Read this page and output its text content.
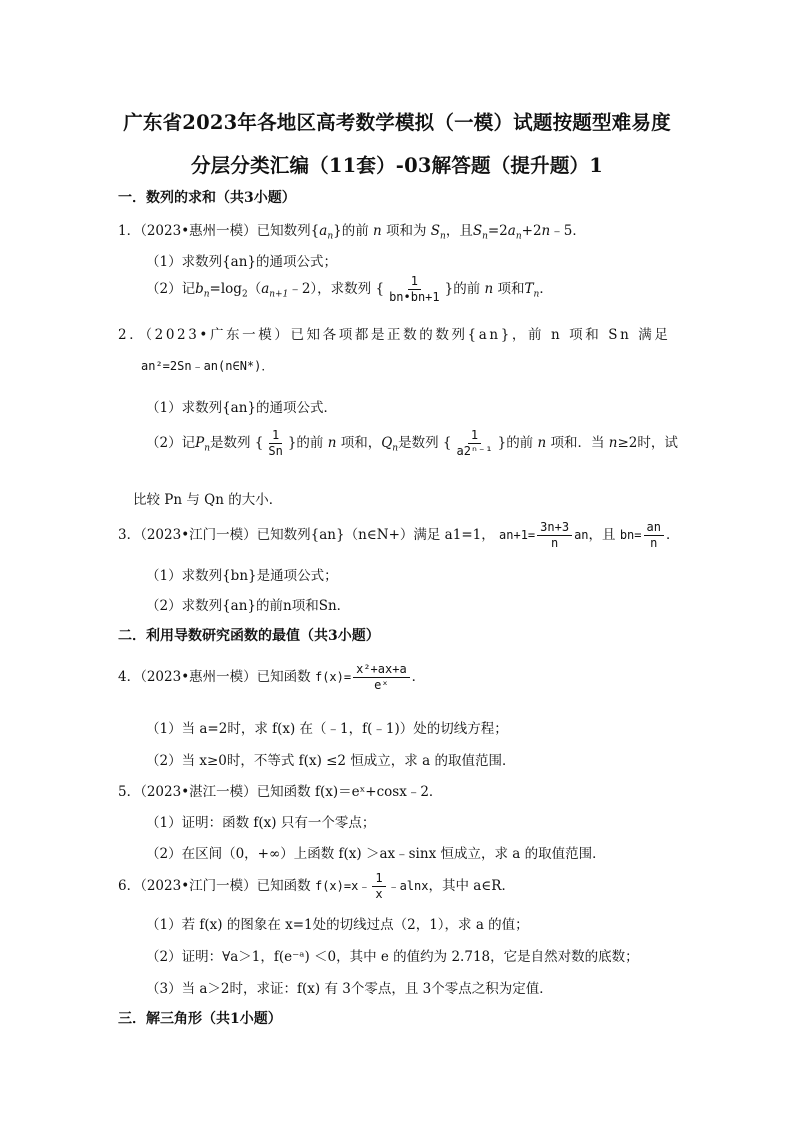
广东省2023年各地区高考数学模拟（一模）试题按题型难易度
分层分类汇编（11套）-03解答题（提升题）1
一．数列的求和（共3小题）
1．（2023•惠州一模）已知数列$\{a_n\}$的前 n 项和为 $S_n$，且$S_n=2a_n+2n﹣5$．
（1）求数列{an}的通项公式；
（2）记$b_n=\log_2(a_{n+1}﹣2)$，求数列 { $\frac{1}{bn•bn+1}$ }的前 n 项和$T_n$．
2．（2023•广东一模）已知各项都是正数的数列{an}，前 n 项和 Sn 满足
an²=2Sn﹣an(n∈N*)．
（1）求数列{an}的通项公式．
（2）记$P_n$是数列 { $\frac{1}{Sn}$ }的前 n 项和，$Q_n$是数列 { $\frac{1}{\text{a2ⁿ⁻¹}}$ }的前 n 项和．当 n≥2时，试
比较 Pn 与 Qn 的大小．
3．（2023•江门一模）已知数列{an}（n∈N+）满足 a1=1， $an+1= \frac{3n+3}{n}$ an，且 $bn= \frac{an}{n}$ ．
（1）求数列{bn}是通项公式；
（2）求数列{an}的前n项和Sn．
二．利用导数研究函数的最值（共3小题）
4．（2023•惠州一模）已知函数 $f(x)= \frac{\text{x²+ax+a}}{\text{eˣ}}$ ．
（1）当 a=2时，求 f(x) 在（﹣1，f(﹣1)）处的切线方程；
（2）当 x≥0时，不等式 f(x) ≤2 恒成立，求 a 的取值范围．
5．（2023•湛江一模）已知函数 f(x)＝eˣ+cosx﹣2．
（1）证明：函数 f(x) 只有一个零点；
（2）在区间（0，+∞）上函数 f(x) ＞ax﹣sinx 恒成立，求 a 的取值范围．
6．（2023•江门一模）已知函数 f(x)=x﹣ $\frac{1}{x}$ ﹣alnx，其中 a∈R．
（1）若 f(x) 的图象在 x=1处的切线过点（2，1），求 a 的值；
（2）证明：∀a＞1，f(e⁻ᵃ) ＜0，其中 e 的值约为 2.718，它是自然对数的底数；
（3）当 a＞2时，求证：f(x) 有 3个零点，且 3个零点之积为定值．
三．解三角形（共1小题）
